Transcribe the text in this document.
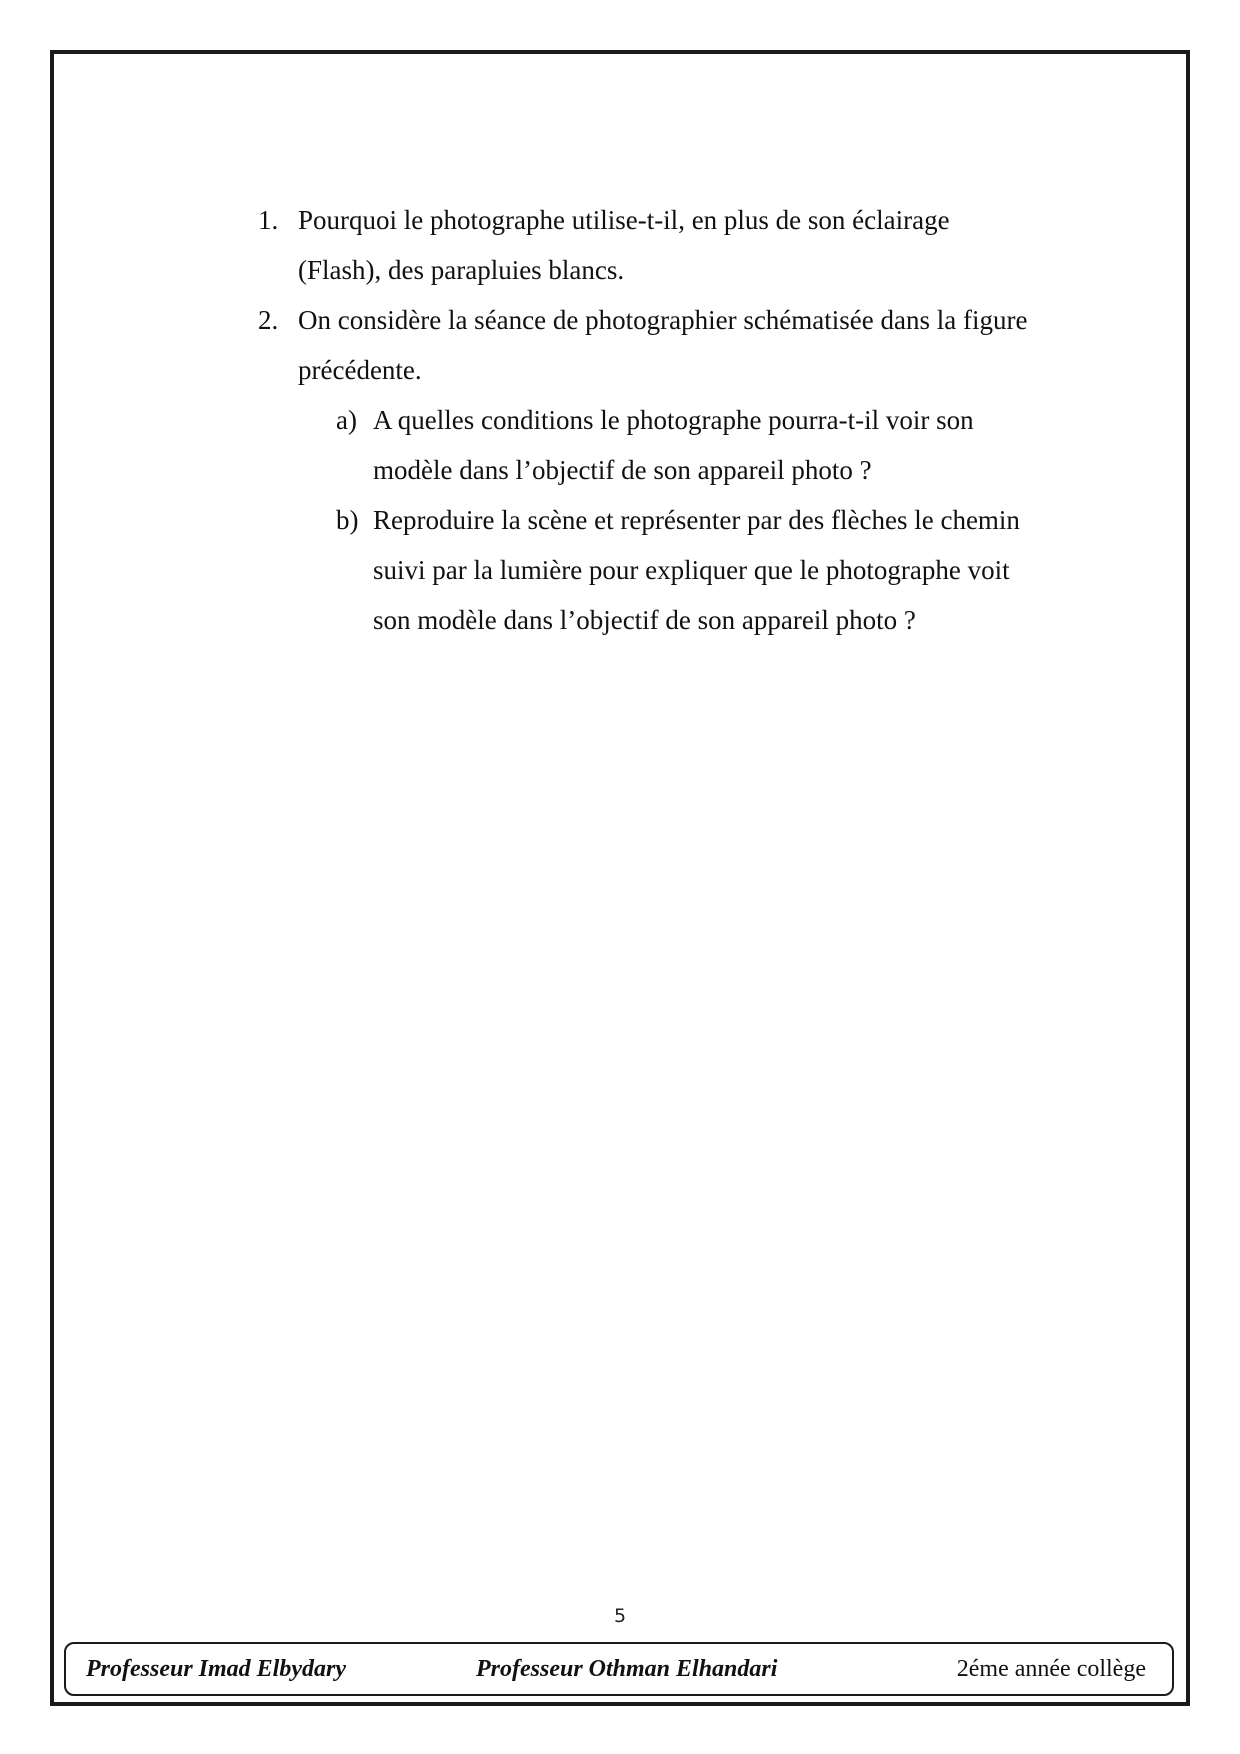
1. Pourquoi le photographe utilise-t-il, en plus de son éclairage
(Flash), des parapluies blancs.
2. On considère la séance de photographier schématisée dans la figure
précédente.
a) A quelles conditions le photographe pourra-t-il voir son
modèle dans l’objectif de son appareil photo ?
b) Reproduire la scène et représenter par des flèches le chemin
suivi par la lumière pour expliquer que le photographe voit
son modèle dans l’objectif de son appareil photo ?
5
Professeur Imad Elbydary	Professeur Othman Elhandari	2éme année collège
